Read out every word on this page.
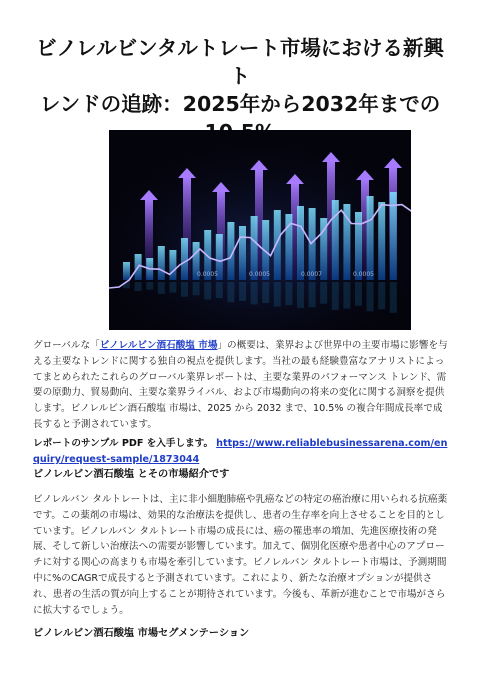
ビノレルビンタルトレート市場における新興ト
レンドの追跡：2025年から2032年までの
0.0005	0.0005	0.0007	0.0005
グローバルな「ビノレルビン酒石酸塩 市場」の概要は、業界および世界中の主要市場に影響を与える主要なトレンドに関する独自の視点を提供します。当社の最も経験豊富なアナリストによってまとめられたこれらのグローバル業界レポートは、主要な業界のパフォーマンス トレンド、需要の原動力、貿易動向、主要な業界ライバル、および市場動向の将来の変化に関する洞察を提供します。ビノレルビン酒石酸塩 市場は、2025 から 2032 まで、10.5% の複合年間成長率で成長すると予測されています。
レポートのサンプル PDF を入手します。 https://www.reliablebusinessarena.com/enquiry/request-sample/1873044
ビノレルビン酒石酸塩 とその市場紹介です
ビノレルバン タルトレートは、主に非小細胞肺癌や乳癌などの特定の癌治療に用いられる抗癌薬です。この薬剤の市場は、効果的な治療法を提供し、患者の生存率を向上させることを目的としています。ビノレルバン タルトレート市場の成長には、癌の罹患率の増加、先進医療技術の発展、そして新しい治療法への需要が影響しています。加えて、個別化医療や患者中心のアプローチに対する関心の高まりも市場を牽引しています。ビノレルバン タルトレート市場は、予測期間中に%のCAGRで成長すると予測されています。これにより、新たな治療オプションが提供され、患者の生活の質が向上することが期待されています。今後も、革新が進むことで市場がさらに拡大するでしょう。
ビノレルビン酒石酸塩 市場セグメンテーション
